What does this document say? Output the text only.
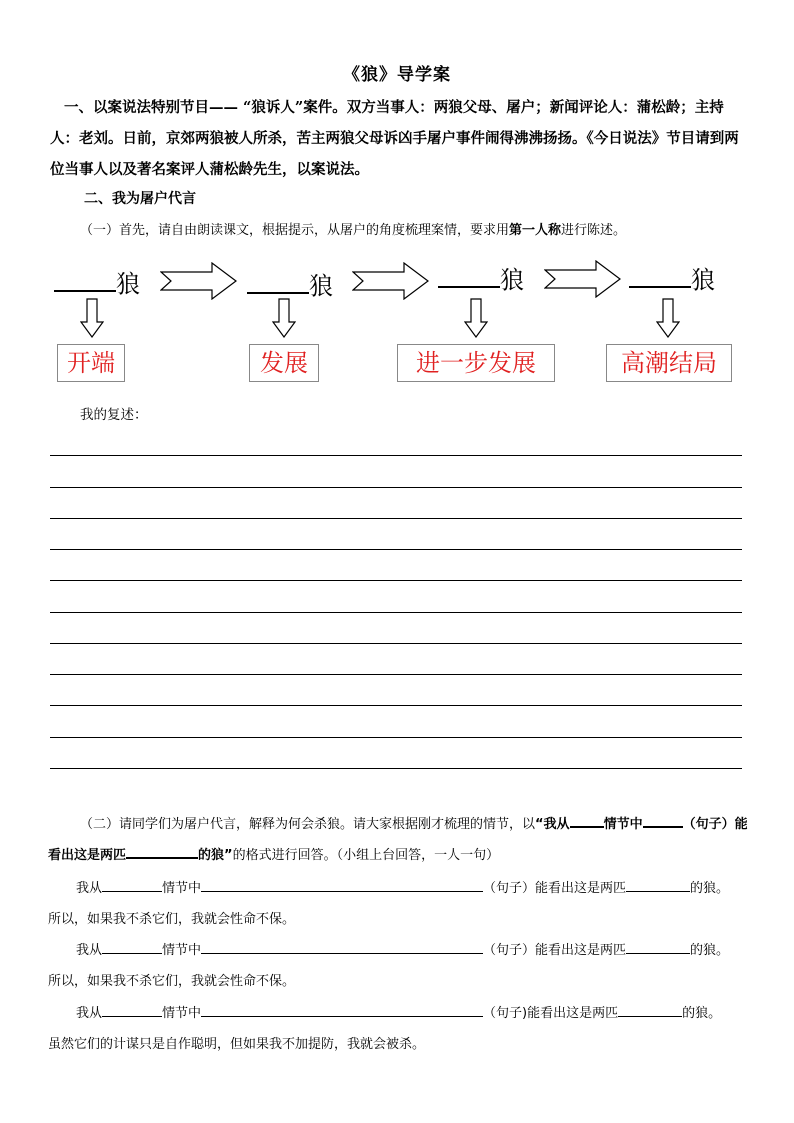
《狼》导学案
一、以案说法特别节目—— “狼诉人”案件。双方当事人：两狼父母、屠户；新闻评论人：蒲松龄；主持人：老刘。日前，京郊两狼被人所杀，苦主两狼父母诉凶手屠户事件闹得沸沸扬扬。《今日说法》节目请到两位当事人以及著名案评人蒲松龄先生，以案说法。
二、我为屠户代言
（一）首先，请自由朗读课文，根据提示，从屠户的角度梳理案情，要求用第一人称进行陈述。
狼	狼	狼	狼
开端	发展	进一步发展	高潮结局
我的复述：
（二）请同学们为屠户代言，解释为何会杀狼。请大家根据刚才梳理的情节，以“我从	情节中	（句子）能看出这是两匹	的狼”的格式进行回答。（小组上台回答，一人一句）
我从	情节中	（句子）能看出这是两匹	的狼。
所以，如果我不杀它们，我就会性命不保。
我从	情节中	（句子）能看出这是两匹	的狼。
所以，如果我不杀它们，我就会性命不保。
我从	情节中	（句子)能看出这是两匹	的狼。
虽然它们的计谋只是自作聪明，但如果我不加提防，我就会被杀。
